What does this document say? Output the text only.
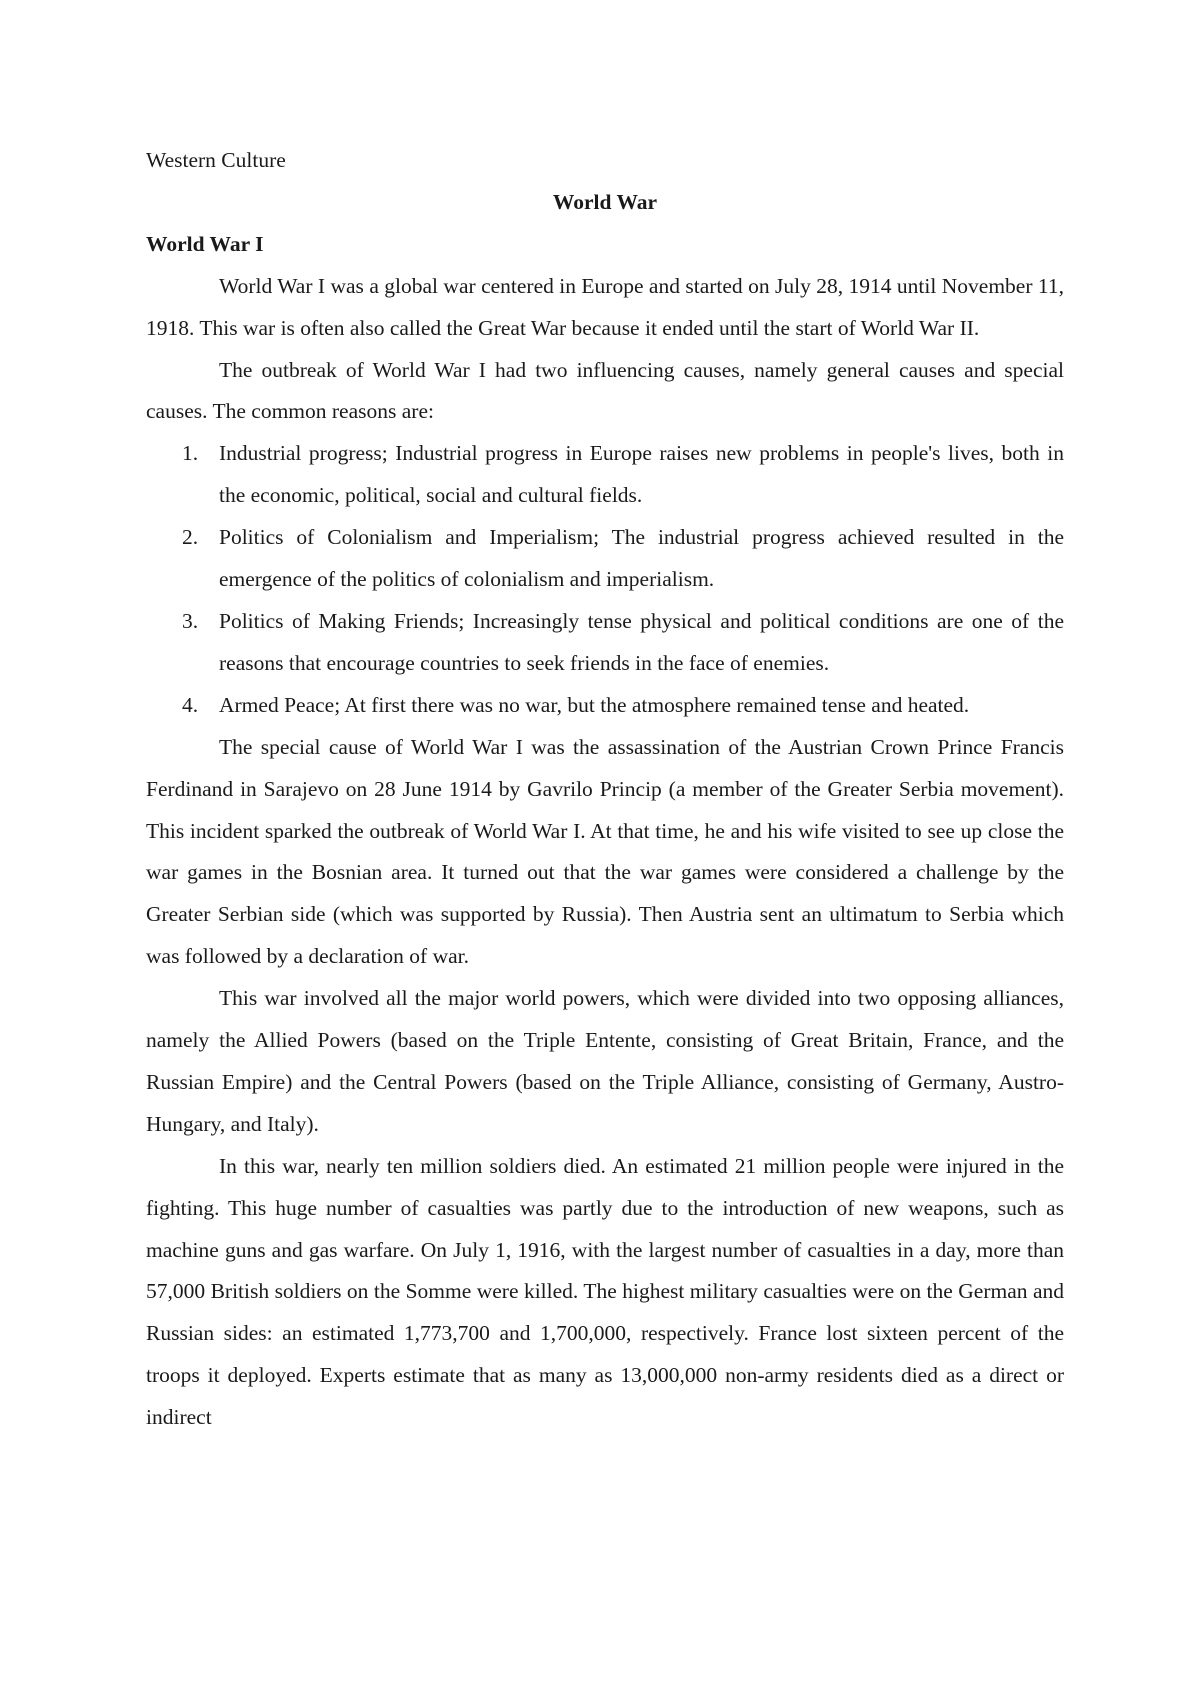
Western Culture

World War

World War I

World War I was a global war centered in Europe and started on July 28, 1914 until November 11, 1918. This war is often also called the Great War because it ended until the start of World War II.

The outbreak of World War I had two influencing causes, namely general causes and special causes. The common reasons are:

1. Industrial progress; Industrial progress in Europe raises new problems in people's lives, both in the economic, political, social and cultural fields.
2. Politics of Colonialism and Imperialism; The industrial progress achieved resulted in the emergence of the politics of colonialism and imperialism.
3. Politics of Making Friends; Increasingly tense physical and political conditions are one of the reasons that encourage countries to seek friends in the face of enemies.
4. Armed Peace; At first there was no war, but the atmosphere remained tense and heated.

The special cause of World War I was the assassination of the Austrian Crown Prince Francis Ferdinand in Sarajevo on 28 June 1914 by Gavrilo Princip (a member of the Greater Serbia movement). This incident sparked the outbreak of World War I. At that time, he and his wife visited to see up close the war games in the Bosnian area. It turned out that the war games were considered a challenge by the Greater Serbian side (which was supported by Russia). Then Austria sent an ultimatum to Serbia which was followed by a declaration of war.

This war involved all the major world powers, which were divided into two opposing alliances, namely the Allied Powers (based on the Triple Entente, consisting of Great Britain, France, and the Russian Empire) and the Central Powers (based on the Triple Alliance, consisting of Germany, Austro-Hungary, and Italy).

In this war, nearly ten million soldiers died. An estimated 21 million people were injured in the fighting. This huge number of casualties was partly due to the introduction of new weapons, such as machine guns and gas warfare. On July 1, 1916, with the largest number of casualties in a day, more than 57,000 British soldiers on the Somme were killed. The highest military casualties were on the German and Russian sides: an estimated 1,773,700 and 1,700,000, respectively. France lost sixteen percent of the troops it deployed. Experts estimate that as many as 13,000,000 non-army residents died as a direct or indirect
